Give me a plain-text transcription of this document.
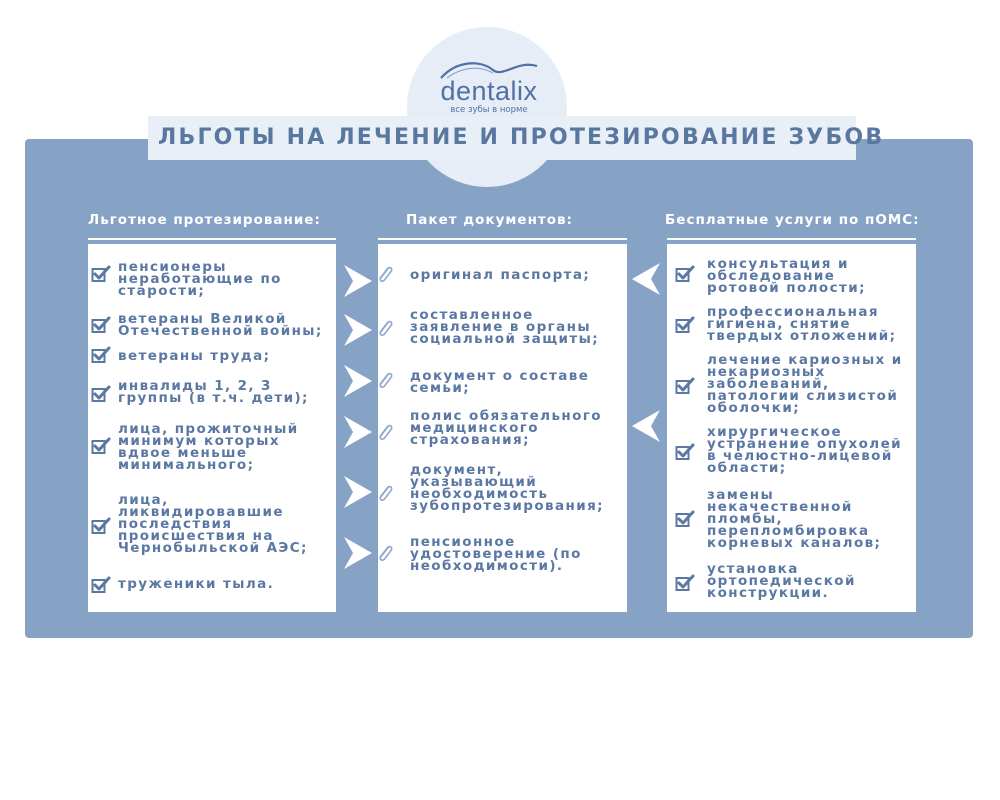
dentalix
все зубы в норме
ЛЬГОТЫ НА ЛЕЧЕНИЕ И ПРОТЕЗИРОВАНИЕ ЗУБОВ
Льготное протезирование:	Пакет документов:	Бесплатные услуги по пОМС:
пенсионеры неработающие по старости;
ветераны Великой Отечественной войны;
ветераны труда;
инвалиды 1, 2, 3 группы (в т.ч. дети);
лица, прожиточный минимум которых вдвое меньше минимального;
лица, ликвидировавшие последствия происшествия на Чернобыльской АЭС;
труженики тыла.
оригинал паспорта;
составленное заявление в органы социальной защиты;
документ о составе семьи;
полис обязательного медицинского страхования;
документ, указывающий необходимость зубопротезирования;
пенсионное удостоверение (по необходимости).
консультация и обследование ротовой полости;
профессиональная гигиена, снятие твердых отложений;
лечение кариозных и некариозных заболеваний, патологии слизистой оболочки;
хирургическое устранение опухолей в челюстно-лицевой области;
замены некачественной пломбы, перепломбировка корневых каналов;
установка ортопедической конструкции.
